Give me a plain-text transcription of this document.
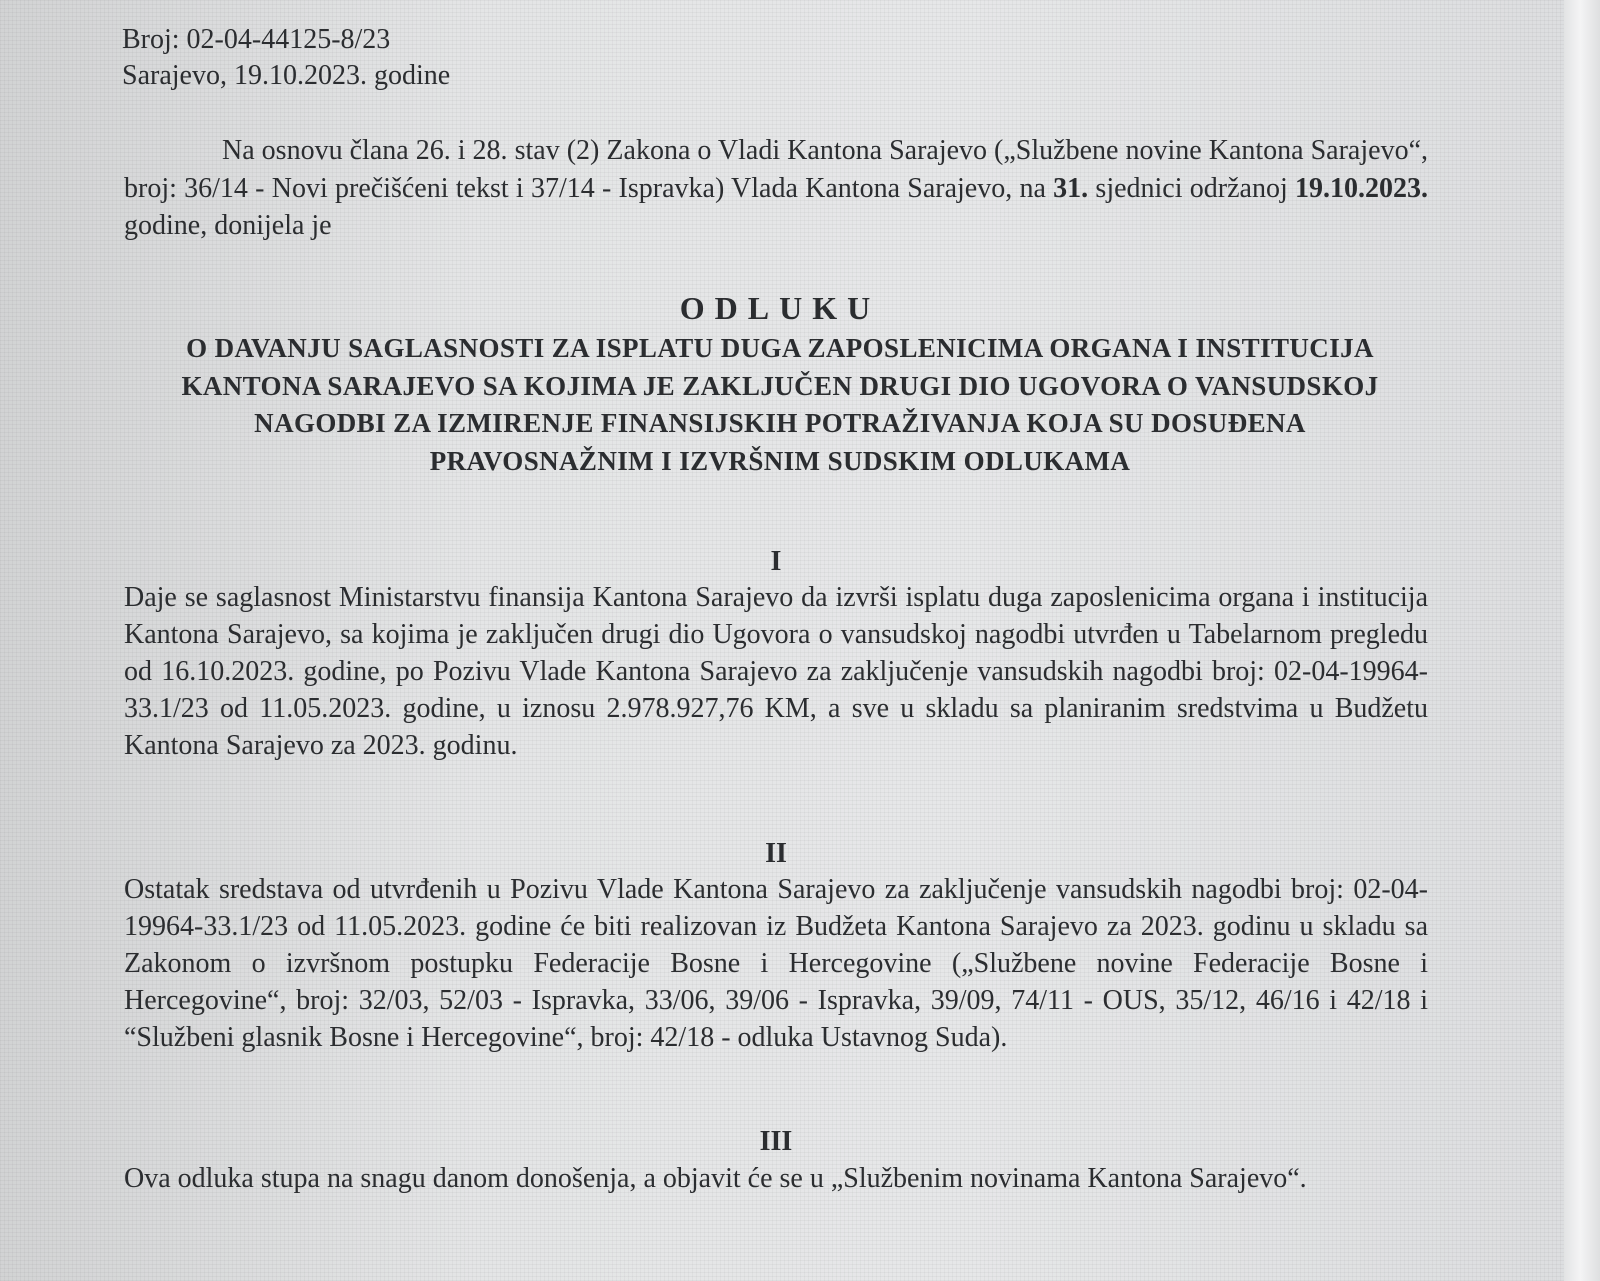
Broj: 02-04-44125-8/23
Sarajevo, 19.10.2023. godine
Na osnovu člana 26. i 28. stav (2) Zakona o Vladi Kantona Sarajevo („Službene novine Kantona Sarajevo“, broj: 36/14 - Novi prečišćeni tekst i 37/14 - Ispravka) Vlada Kantona Sarajevo, na 31. sjednici održanoj 19.10.2023. godine, donijela je
ODLUKU
O DAVANJU SAGLASNOSTI ZA ISPLATU DUGA ZAPOSLENICIMA ORGANA I INSTITUCIJA KANTONA SARAJEVO SA KOJIMA JE ZAKLJUČEN DRUGI DIO UGOVORA O VANSUDSKOJ NAGODBI ZA IZMIRENJE FINANSIJSKIH POTRAŽIVANJA KOJA SU DOSUĐENA PRAVOSNAŽNIM I IZVRŠNIM SUDSKIM ODLUKAMA
I
Daje se saglasnost Ministarstvu finansija Kantona Sarajevo da izvrši isplatu duga zaposlenicima organa i institucija Kantona Sarajevo, sa kojima je zaključen drugi dio Ugovora o vansudskoj nagodbi utvrđen u Tabelarnom pregledu od 16.10.2023. godine, po Pozivu Vlade Kantona Sarajevo za zaključenje vansudskih nagodbi broj: 02-04-19964-33.1/23 od 11.05.2023. godine, u iznosu 2.978.927,76 KM, a sve u skladu sa planiranim sredstvima u Budžetu Kantona Sarajevo za 2023. godinu.
II
Ostatak sredstava od utvrđenih u Pozivu Vlade Kantona Sarajevo za zaključenje vansudskih nagodbi broj: 02-04-19964-33.1/23 od 11.05.2023. godine će biti realizovan iz Budžeta Kantona Sarajevo za 2023. godinu u skladu sa Zakonom o izvršnom postupku Federacije Bosne i Hercegovine („Službene novine Federacije Bosne i Hercegovine“, broj: 32/03, 52/03 - Ispravka, 33/06, 39/06 - Ispravka, 39/09, 74/11 - OUS, 35/12, 46/16 i 42/18 i “Službeni glasnik Bosne i Hercegovine“, broj: 42/18 - odluka Ustavnog Suda).
III
Ova odluka stupa na snagu danom donošenja, a objavit će se u „Službenim novinama Kantona Sarajevo“.
